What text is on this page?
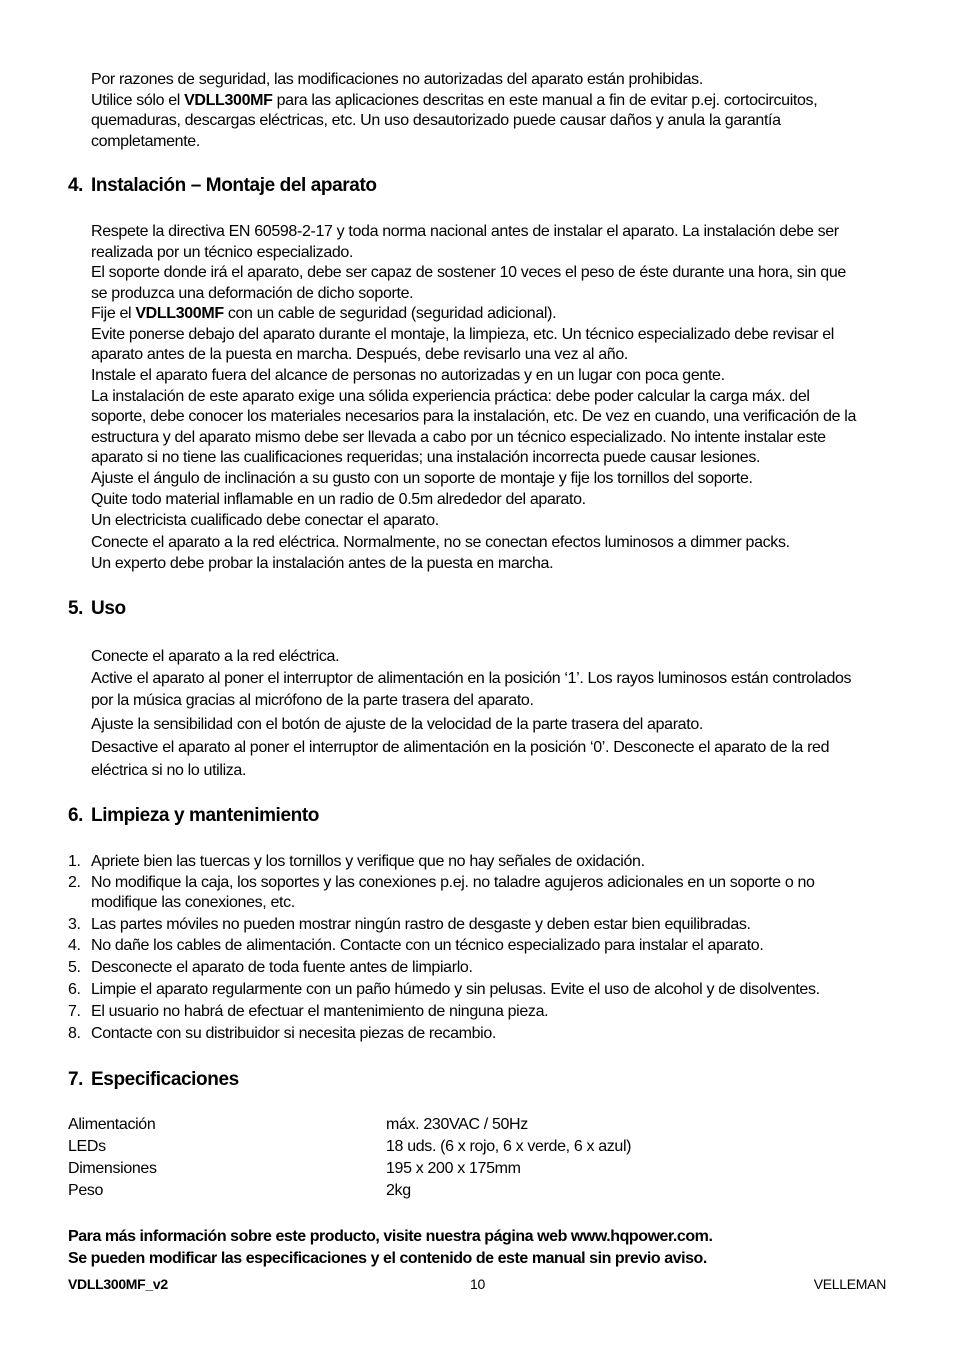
Por razones de seguridad, las modificaciones no autorizadas del aparato están prohibidas.
Utilice sólo el VDLL300MF para las aplicaciones descritas en este manual a fin de evitar p.ej. cortocircuitos,
quemaduras, descargas eléctricas, etc. Un uso desautorizado puede causar daños y anula la garantía
completamente.
4. Instalación – Montaje del aparato
Respete la directiva EN 60598-2-17 y toda norma nacional antes de instalar el aparato. La instalación debe ser
realizada por un técnico especializado.
El soporte donde irá el aparato, debe ser capaz de sostener 10 veces el peso de éste durante una hora, sin que
se produzca una deformación de dicho soporte.
Fije el VDLL300MF con un cable de seguridad (seguridad adicional).
Evite ponerse debajo del aparato durante el montaje, la limpieza, etc. Un técnico especializado debe revisar el
aparato antes de la puesta en marcha. Después, debe revisarlo una vez al año.
Instale el aparato fuera del alcance de personas no autorizadas y en un lugar con poca gente.
La instalación de este aparato exige una sólida experiencia práctica: debe poder calcular la carga máx. del
soporte, debe conocer los materiales necesarios para la instalación, etc. De vez en cuando, una verificación de la
estructura y del aparato mismo debe ser llevada a cabo por un técnico especializado. No intente instalar este
aparato si no tiene las cualificaciones requeridas; una instalación incorrecta puede causar lesiones.
Ajuste el ángulo de inclinación a su gusto con un soporte de montaje y fije los tornillos del soporte.
Quite todo material inflamable en un radio de 0.5m alrededor del aparato.
Un electricista cualificado debe conectar el aparato.
Conecte el aparato a la red eléctrica. Normalmente, no se conectan efectos luminosos a dimmer packs.
Un experto debe probar la instalación antes de la puesta en marcha.
5. Uso
Conecte el aparato a la red eléctrica.
Active el aparato al poner el interruptor de alimentación en la posición ‘1’. Los rayos luminosos están controlados
por la música gracias al micrófono de la parte trasera del aparato.
Ajuste la sensibilidad con el botón de ajuste de la velocidad de la parte trasera del aparato.
Desactive el aparato al poner el interruptor de alimentación en la posición ‘0’. Desconecte el aparato de la red
eléctrica si no lo utiliza.
6. Limpieza y mantenimiento
1. Apriete bien las tuercas y los tornillos y verifique que no hay señales de oxidación.
2. No modifique la caja, los soportes y las conexiones p.ej. no taladre agujeros adicionales en un soporte o no
modifique las conexiones, etc.
3. Las partes móviles no pueden mostrar ningún rastro de desgaste y deben estar bien equilibradas.
4. No dañe los cables de alimentación. Contacte con un técnico especializado para instalar el aparato.
5. Desconecte el aparato de toda fuente antes de limpiarlo.
6. Limpie el aparato regularmente con un paño húmedo y sin pelusas. Evite el uso de alcohol y de disolventes.
7. El usuario no habrá de efectuar el mantenimiento de ninguna pieza.
8. Contacte con su distribuidor si necesita piezas de recambio.
7. Especificaciones
Alimentación	máx. 230VAC / 50Hz
LEDs	18 uds. (6 x rojo, 6 x verde, 6 x azul)
Dimensiones	195 x 200 x 175mm
Peso	2kg
Para más información sobre este producto, visite nuestra página web www.hqpower.com.
Se pueden modificar las especificaciones y el contenido de este manual sin previo aviso.
VDLL300MF_v2	10	VELLEMAN
